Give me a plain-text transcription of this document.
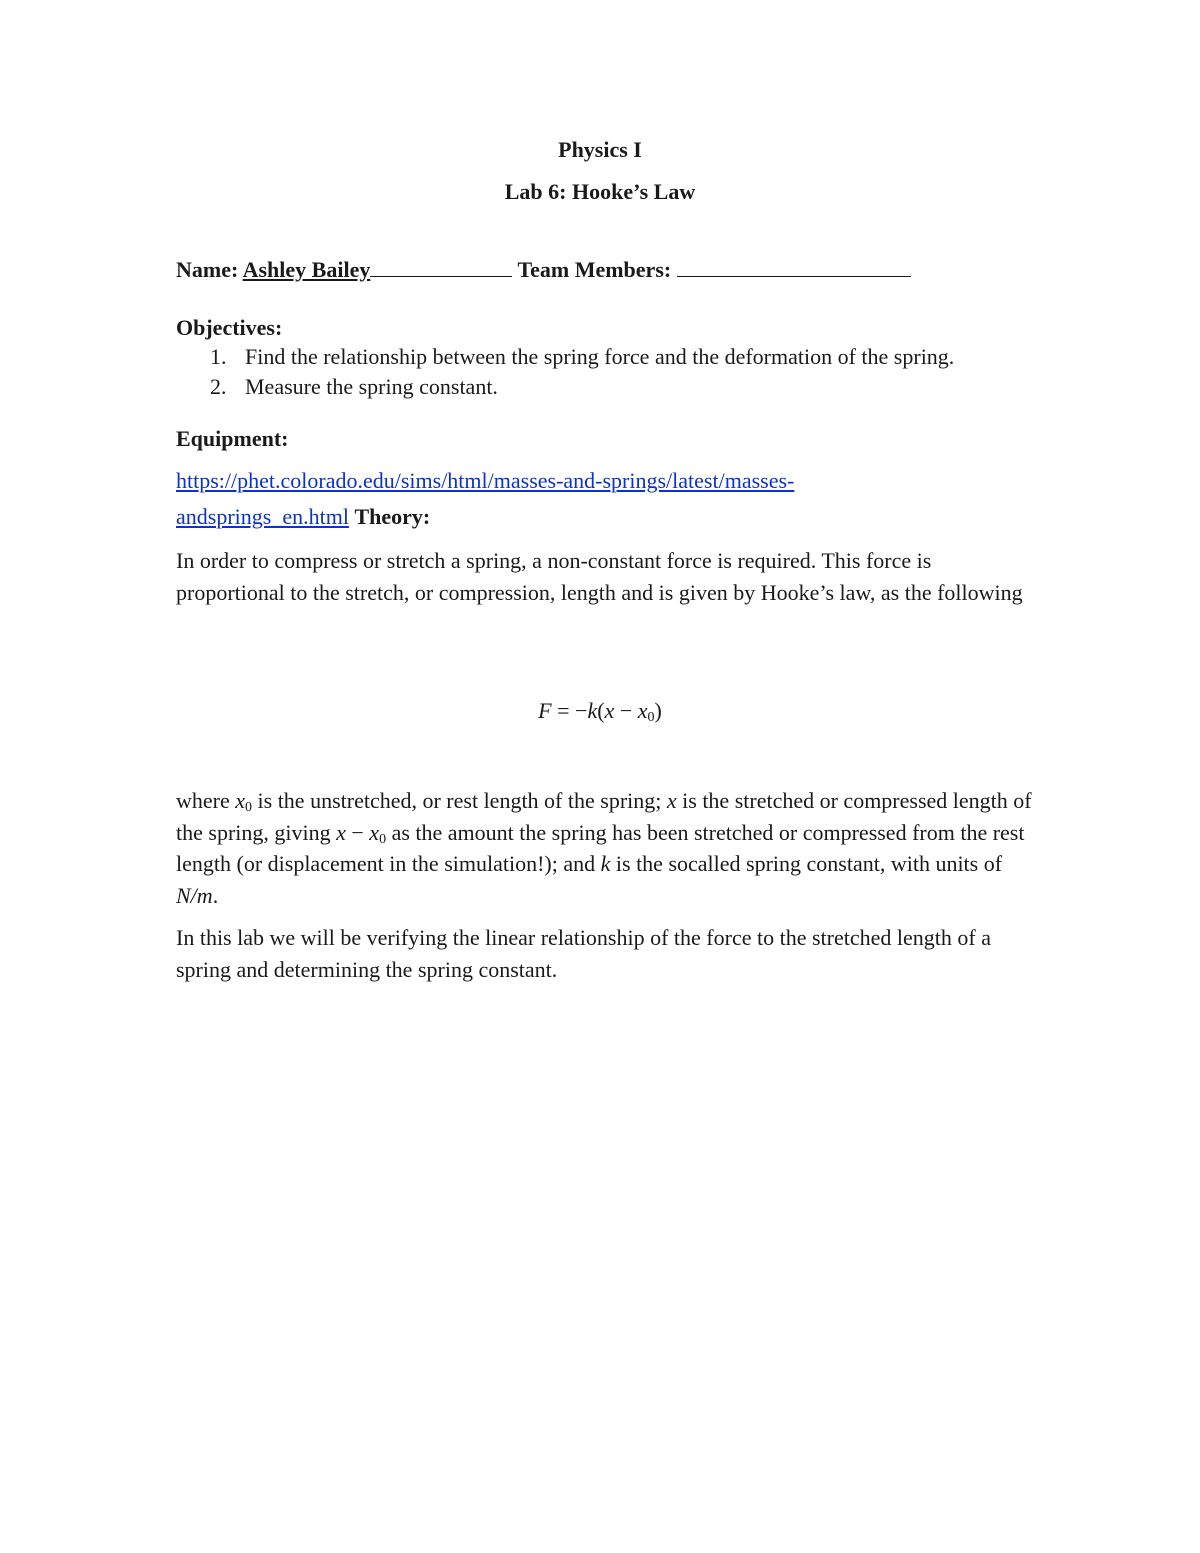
Physics I
Lab 6: Hooke’s Law
Name: Ashley Bailey	Team Members:
Objectives:
1. Find the relationship between the spring force and the deformation of the spring.
2. Measure the spring constant.
Equipment:
https://phet.colorado.edu/sims/html/masses-and-springs/latest/masses-
andsprings_en.html Theory:
In order to compress or stretch a spring, a non-constant force is required. This force is proportional to the stretch, or compression, length and is given by Hooke’s law, as the following
$F = -k(x - x_0)$
where $x_0$ is the unstretched, or rest length of the spring; x is the stretched or compressed length of the spring, giving $x - x_0$ as the amount the spring has been stretched or compressed from the rest length (or displacement in the simulation!); and k is the socalled spring constant, with units of N/m.
In this lab we will be verifying the linear relationship of the force to the stretched length of a spring and determining the spring constant.
